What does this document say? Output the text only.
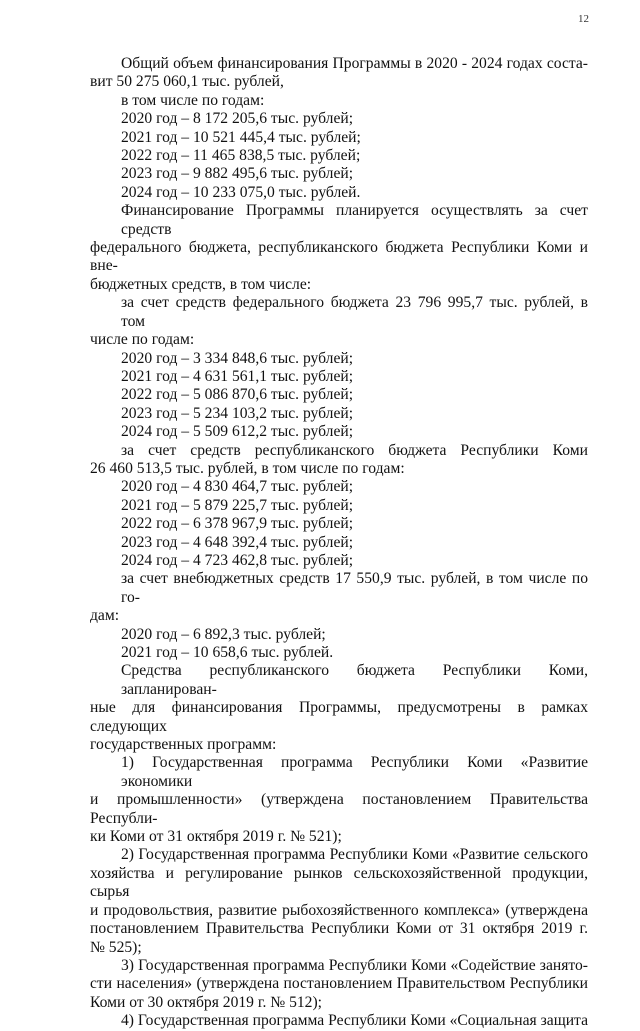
12
Общий объем финансирования Программы в 2020 - 2024 годах соста-
вит 50 275 060,1 тыс. рублей,
в том числе по годам:
2020 год – 8 172 205,6 тыс. рублей;
2021 год – 10 521 445,4 тыс. рублей;
2022 год – 11 465 838,5 тыс. рублей;
2023 год – 9 882 495,6 тыс. рублей;
2024 год – 10 233 075,0 тыс. рублей.
Финансирование Программы планируется осуществлять за счет средств
федерального бюджета, республиканского бюджета Республики Коми и вне-
бюджетных средств, в том числе:
за счет средств федерального бюджета 23 796 995,7 тыс. рублей, в том
числе по годам:
2020 год – 3 334 848,6 тыс. рублей;
2021 год – 4 631 561,1 тыс. рублей;
2022 год – 5 086 870,6 тыс. рублей;
2023 год – 5 234 103,2 тыс. рублей;
2024 год – 5 509 612,2 тыс. рублей;
за счет средств республиканского бюджета Республики Коми
26 460 513,5 тыс. рублей, в том числе по годам:
2020 год – 4 830 464,7 тыс. рублей;
2021 год – 5 879 225,7 тыс. рублей;
2022 год – 6 378 967,9 тыс. рублей;
2023 год – 4 648 392,4 тыс. рублей;
2024 год – 4 723 462,8 тыс. рублей;
за счет внебюджетных средств 17 550,9 тыс. рублей, в том числе по го-
дам:
2020 год – 6 892,3 тыс. рублей;
2021 год – 10 658,6 тыс. рублей.
Средства республиканского бюджета Республики Коми, запланирован-
ные для финансирования Программы, предусмотрены в рамках следующих
государственных программ:
1) Государственная программа Республики Коми «Развитие экономики
и промышленности» (утверждена постановлением Правительства Республи-
ки Коми от 31 октября 2019 г. № 521);
2) Государственная программа Республики Коми «Развитие сельского
хозяйства и регулирование рынков сельскохозяйственной продукции, сырья
и продовольствия, развитие рыбохозяйственного комплекса» (утверждена
постановлением Правительства Республики Коми от 31 октября 2019 г.
№ 525);
3) Государственная программа Республики Коми «Содействие занято-
сти населения» (утверждена постановлением Правительством Республики
Коми от 30 октября 2019 г. № 512);
4) Государственная программа Республики Коми «Социальная защита
